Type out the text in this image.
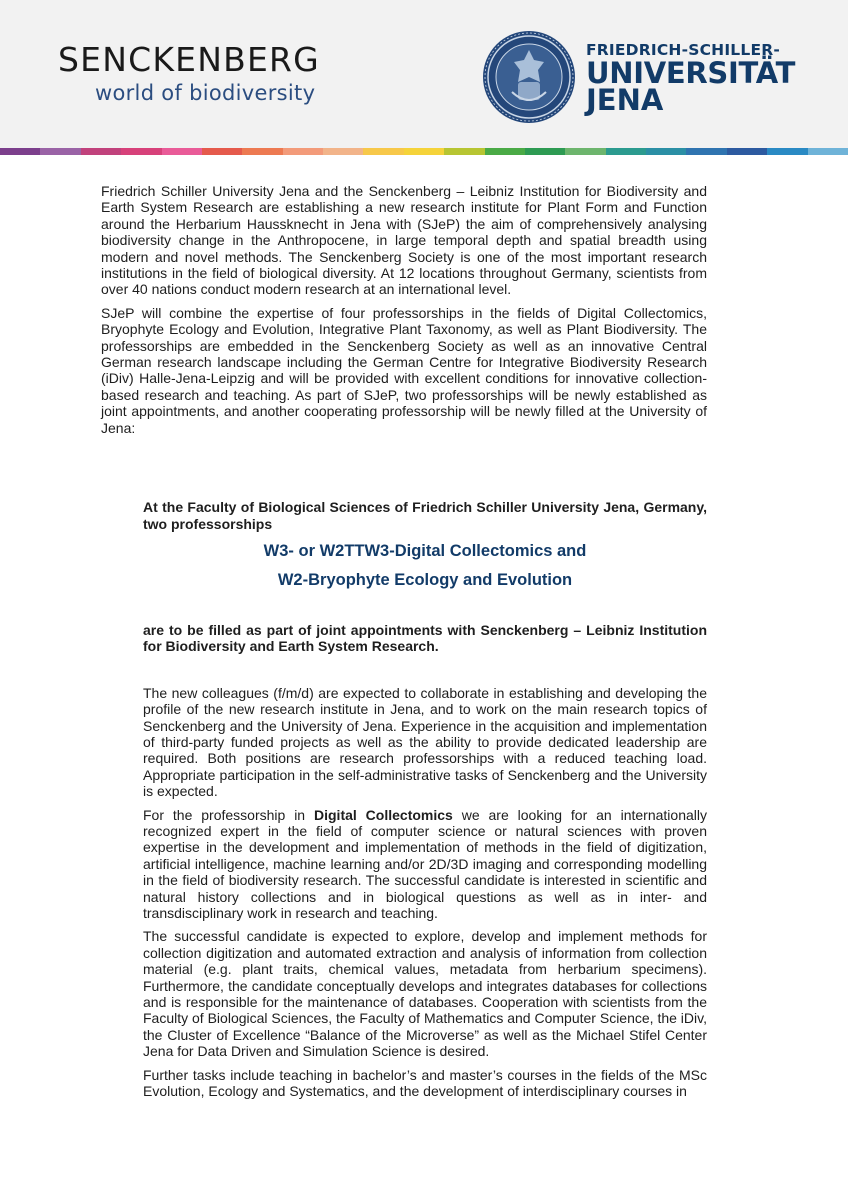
SENCKENBERG
world of biodiversity
FRIEDRICH-SCHILLER-
UNIVERSITÄT
JENA

Friedrich Schiller University Jena and the Senckenberg – Leibniz Institution for Biodiversity and Earth System Research are establishing a new research institute for Plant Form and Function around the Herbarium Haussknecht in Jena with (SJeP) the aim of comprehensively analysing biodiversity change in the Anthropocene, in large temporal depth and spatial breadth using modern and novel methods. The Senckenberg Society is one of the most important research institutions in the field of biological diversity. At 12 locations throughout Germany, scientists from over 40 nations conduct modern research at an international level.

SJeP will combine the expertise of four professorships in the fields of Digital Collectomics, Bryophyte Ecology and Evolution, Integrative Plant Taxonomy, as well as Plant Biodiversity. The professorships are embedded in the Senckenberg Society as well as an innovative Central German research landscape including the German Centre for Integrative Biodiversity Research (iDiv) Halle-Jena-Leipzig and will be provided with excellent conditions for innovative collection-based research and teaching. As part of SJeP, two professorships will be newly established as joint appointments, and another cooperating professorship will be newly filled at the University of Jena:

At the Faculty of Biological Sciences of Friedrich Schiller University Jena, Germany, two professorships

W3- or W2TTW3-Digital Collectomics and

W2-Bryophyte Ecology and Evolution

are to be filled as part of joint appointments with Senckenberg – Leibniz Institution for Biodiversity and Earth System Research.

The new colleagues (f/m/d) are expected to collaborate in establishing and developing the profile of the new research institute in Jena, and to work on the main research topics of Senckenberg and the University of Jena. Experience in the acquisition and implementation of third-party funded projects as well as the ability to provide dedicated leadership are required. Both positions are research professorships with a reduced teaching load. Appropriate participation in the self-administrative tasks of Senckenberg and the University is expected.

For the professorship in Digital Collectomics we are looking for an internationally recognized expert in the field of computer science or natural sciences with proven expertise in the development and implementation of methods in the field of digitization, artificial intelligence, machine learning and/or 2D/3D imaging and corresponding modelling in the field of biodiversity research. The successful candidate is interested in scientific and natural history collections and in biological questions as well as in inter- and transdisciplinary work in research and teaching.

The successful candidate is expected to explore, develop and implement methods for collection digitization and automated extraction and analysis of information from collection material (e.g. plant traits, chemical values, metadata from herbarium specimens). Furthermore, the candidate conceptually develops and integrates databases for collections and is responsible for the maintenance of databases. Cooperation with scientists from the Faculty of Biological Sciences, the Faculty of Mathematics and Computer Science, the iDiv, the Cluster of Excellence “Balance of the Microverse” as well as the Michael Stifel Center Jena for Data Driven and Simulation Science is desired.

Further tasks include teaching in bachelor’s and master’s courses in the fields of the MSc Evolution, Ecology and Systematics, and the development of interdisciplinary courses in
